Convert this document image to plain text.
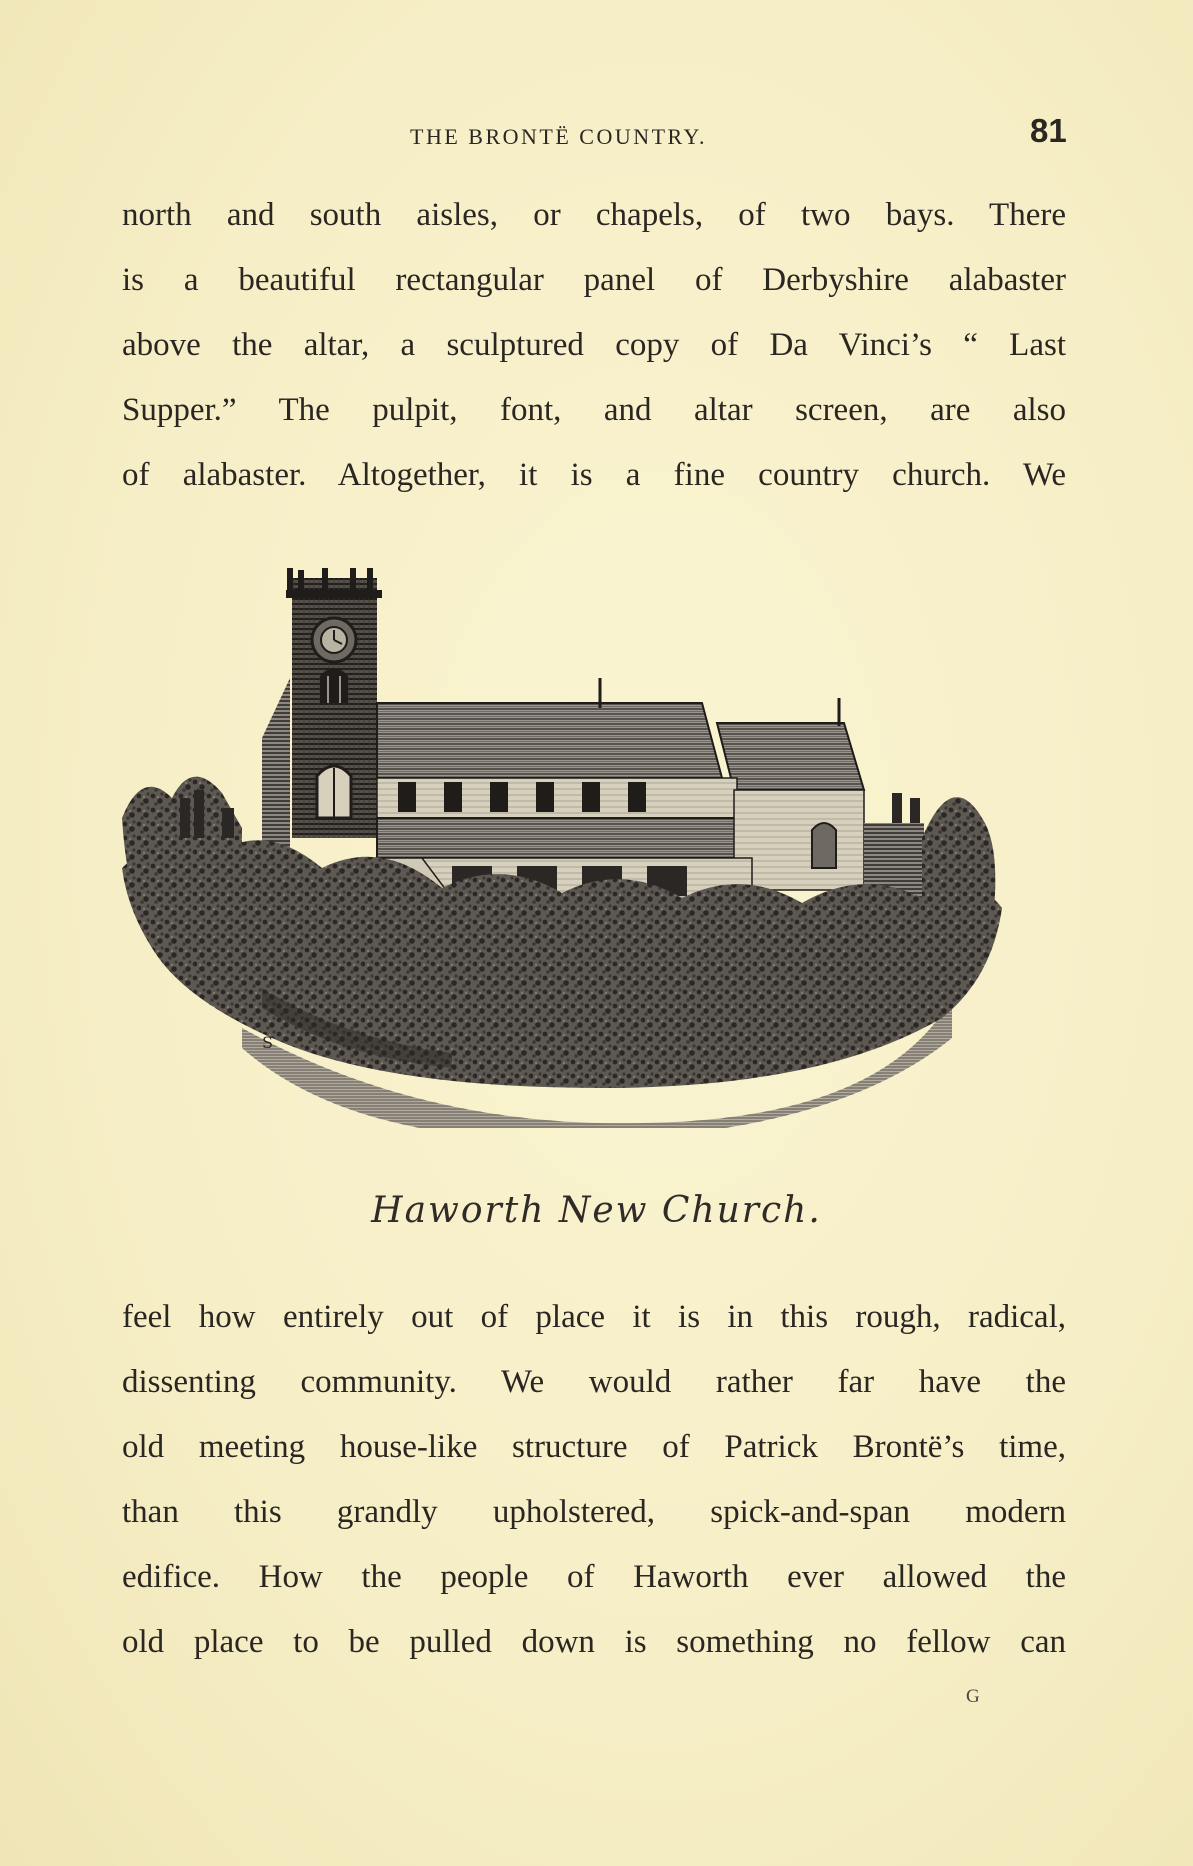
THE BRONTË COUNTRY.	81
north and south aisles, or chapels, of two bays. There
is a beautiful rectangular panel of Derbyshire alabaster
above the altar, a sculptured copy of Da Vinci’s “ Last
Supper.” The pulpit, font, and altar screen, are also
of alabaster. Altogether, it is a fine country church. We
S
Haworth New Church.
feel how entirely out of place it is in this rough, radical,
dissenting community. We would rather far have the
old meeting house-like structure of Patrick Brontë’s time,
than this grandly upholstered, spick-and-span modern
edifice. How the people of Haworth ever allowed the
old place to be pulled down is something no fellow can
G
